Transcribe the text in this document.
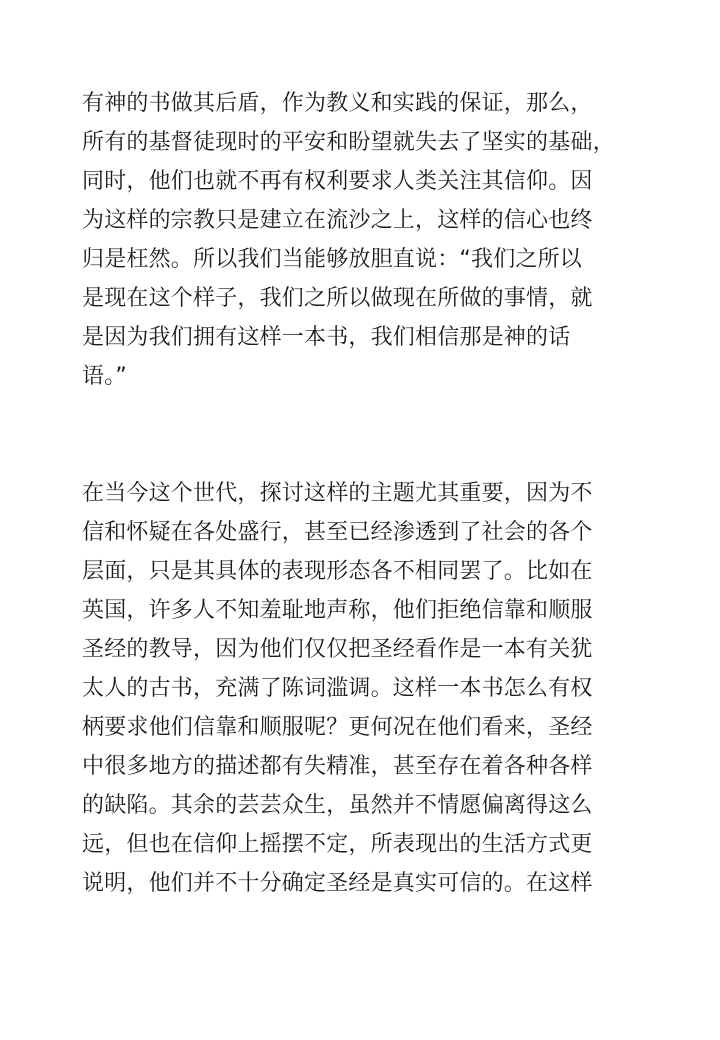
有神的书做其后盾，作为教义和实践的保证，那么，
所有的基督徒现时的平安和盼望就失去了坚实的基础，
同时，他们也就不再有权利要求人类关注其信仰。因
为这样的宗教只是建立在流沙之上，这样的信心也终
归是枉然。所以我们当能够放胆直说：“我们之所以
是现在这个样子，我们之所以做现在所做的事情，就
是因为我们拥有这样一本书，我们相信那是神的话
语。”
在当今这个世代，探讨这样的主题尤其重要，因为不
信和怀疑在各处盛行，甚至已经渗透到了社会的各个
层面，只是其具体的表现形态各不相同罢了。比如在
英国，许多人不知羞耻地声称，他们拒绝信靠和顺服
圣经的教导，因为他们仅仅把圣经看作是一本有关犹
太人的古书，充满了陈词滥调。这样一本书怎么有权
柄要求他们信靠和顺服呢？更何况在他们看来，圣经
中很多地方的描述都有失精准，甚至存在着各种各样
的缺陷。其余的芸芸众生，虽然并不情愿偏离得这么
远，但也在信仰上摇摆不定，所表现出的生活方式更
说明，他们并不十分确定圣经是真实可信的。在这样
